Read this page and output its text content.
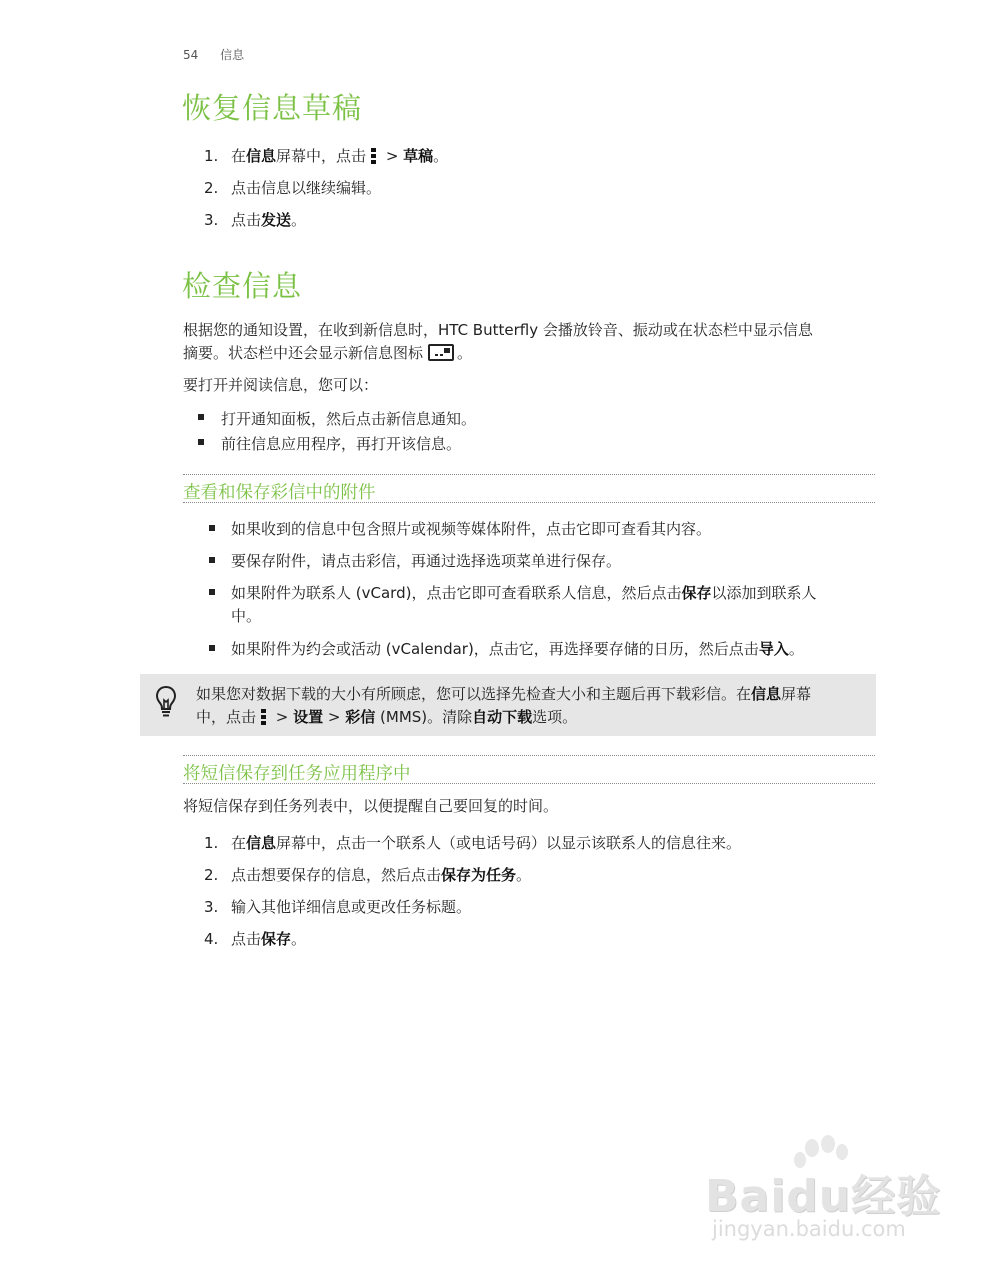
54 信息
恢复信息草稿
1. 在信息屏幕中，点击 > 草稿。
2. 点击信息以继续编辑。
3. 点击发送。
检查信息
根据您的通知设置，在收到新信息时，HTC Butterfly 会播放铃音、振动或在状态栏中显示信息
摘要。状态栏中还会显示新信息图标 。
要打开并阅读信息，您可以：
打开通知面板，然后点击新信息通知。
前往信息应用程序，再打开该信息。
查看和保存彩信中的附件
如果收到的信息中包含照片或视频等媒体附件，点击它即可查看其内容。
要保存附件，请点击彩信，再通过选择选项菜单进行保存。
如果附件为联系人 (vCard)，点击它即可查看联系人信息，然后点击保存以添加到联系人
中。
如果附件为约会或活动 (vCalendar)，点击它，再选择要存储的日历，然后点击导入。
如果您对数据下载的大小有所顾虑，您可以选择先检查大小和主题后再下载彩信。在信息屏幕
中，点击 > 设置 > 彩信 (MMS)。清除自动下载选项。
将短信保存到任务应用程序中
将短信保存到任务列表中，以便提醒自己要回复的时间。
1. 在信息屏幕中，点击一个联系人（或电话号码）以显示该联系人的信息往来。
2. 点击想要保存的信息，然后点击保存为任务。
3. 输入其他详细信息或更改任务标题。
4. 点击保存。
Baidu经验
jingyan.baidu.com
